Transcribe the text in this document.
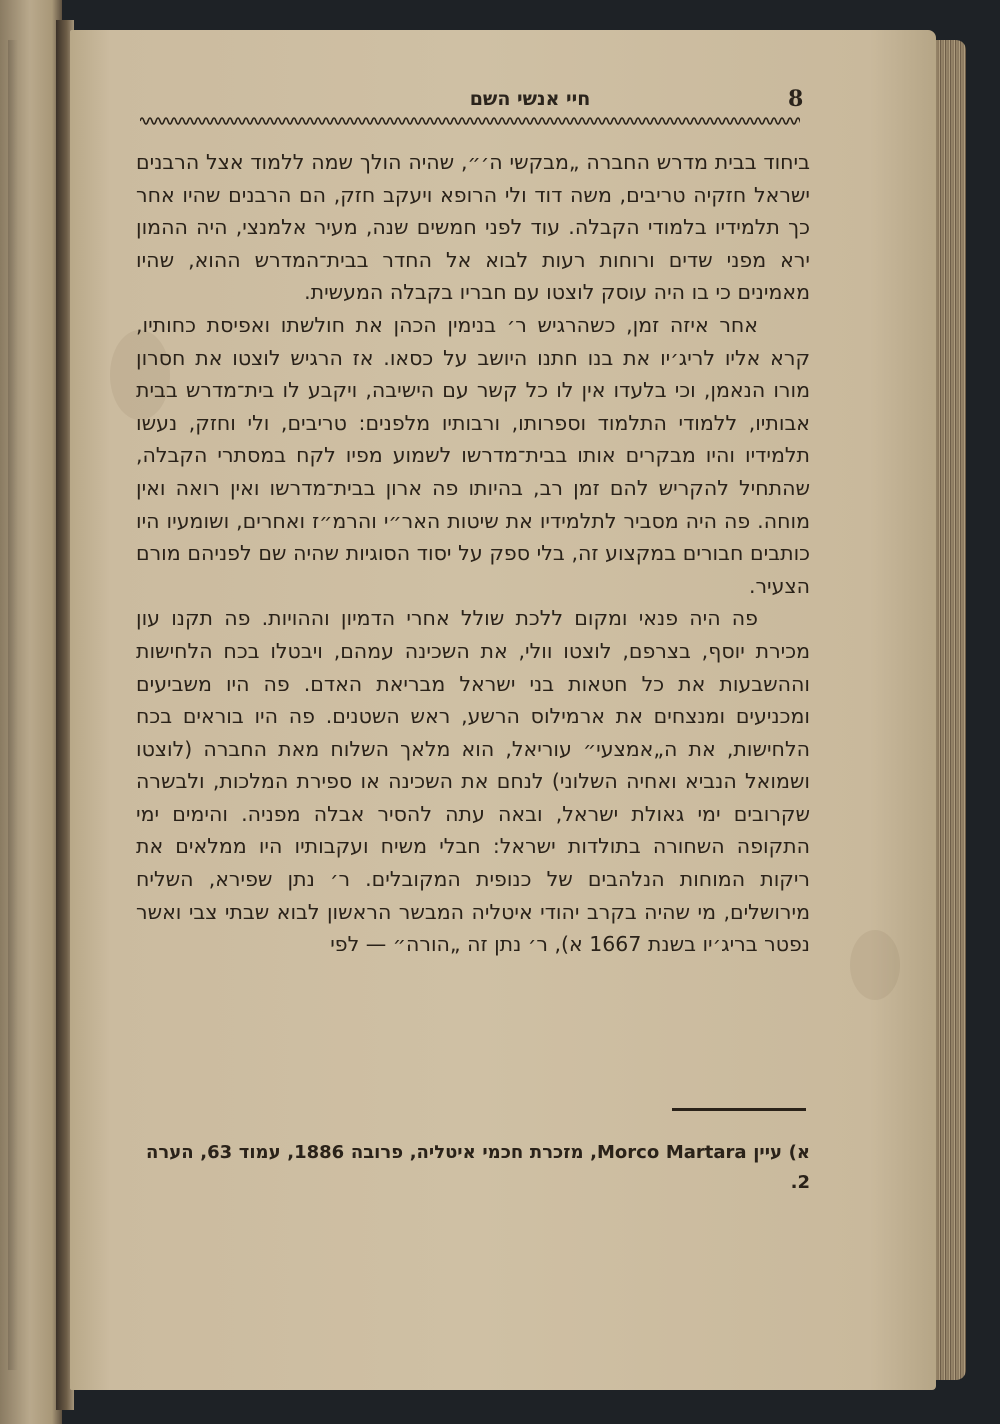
8
חיי אנשי השם

ביחוד בבית מדרש החברה „מבקשי ה׳״, שהיה הולך שמה ללמוד אצל הרבנים ישראל חזקיה טריבים, משה דוד ולי הרופא ויעקב חזק, הם הרבנים שהיו אחר כך תלמידיו בלמודי הקבלה. עוד לפני חמשים שנה, מעיר אלמנצי, היה ההמון ירא מפני שדים ורוחות רעות לבוא אל החדר בבית־המדרש ההוא, שהיו מאמינים כי בו היה עוסק לוצטו עם חבריו בקבלה המעשית.

אחר איזה זמן, כשהרגיש ר׳ בנימין הכהן את חולשתו ואפיסת כחותיו, קרא אליו לריג׳יו את בנו חתנו היושב על כסאו. אז הרגיש לוצטו את חסרון מורו הנאמן, וכי בלעדו אין לו כל קשר עם הישיבה, ויקבע לו בית־מדרש בבית אבותיו, ללמודי התלמוד וספרותו, ורבותיו מלפנים: טריבים, ולי וחזק, נעשו תלמידיו והיו מבקרים אותו בבית־מדרשו לשמוע מפיו לקח במסתרי הקבלה, שהתחיל להקריש להם זמן רב, בהיותו פה ארון בבית־מדרשו ואין רואה ואין מוחה. פה היה מסביר לתלמידיו את שיטות האר״י והרמ״ז ואחרים, ושומעיו היו כותבים חבורים במקצוע זה, בלי ספק על יסוד הסוגיות שהיה שם לפניהם מורם הצעיר.

פה היה פנאי ומקום ללכת שולל אחרי הדמיון וההויות. פה תקנו עון מכירת יוסף, בצרפם, לוצטו וולי, את השכינה עמהם, ויבטלו בכח הלחישות וההשבעות את כל חטאות בני ישראל מבריאת האדם. פה היו משביעים ומכניעים ומנצחים את ארמילוס הרשע, ראש השטנים. פה היו בוראים בכח הלחישות, את ה„אמצעי״ עוריאל, הוא מלאך השלוח מאת החברה (לוצטו ושמואל הנביא ואחיה השלוני) לנחם את השכינה או ספירת המלכות, ולבשרה שקרובים ימי גאולת ישראל, ובאה עתה להסיר אבלה מפניה. והימים ימי התקופה השחורה בתולדות ישראל: חבלי משיח ועקבותיו היו ממלאים את ריקות המוחות הנלהבים של כנופית המקובלים. ר׳ נתן שפירא, השליח מירושלים, מי שהיה בקרב יהודי איטליה המבשר הראשון לבוא שבתי צבי ואשר נפטר בריג׳יו בשנת 1667 א), ר׳ נתן זה „הורה״ — לפי

א) עיין Morco Martara, מזכרת חכמי איטליה, פרובה 1886, עמוד 63, הערה 2.
